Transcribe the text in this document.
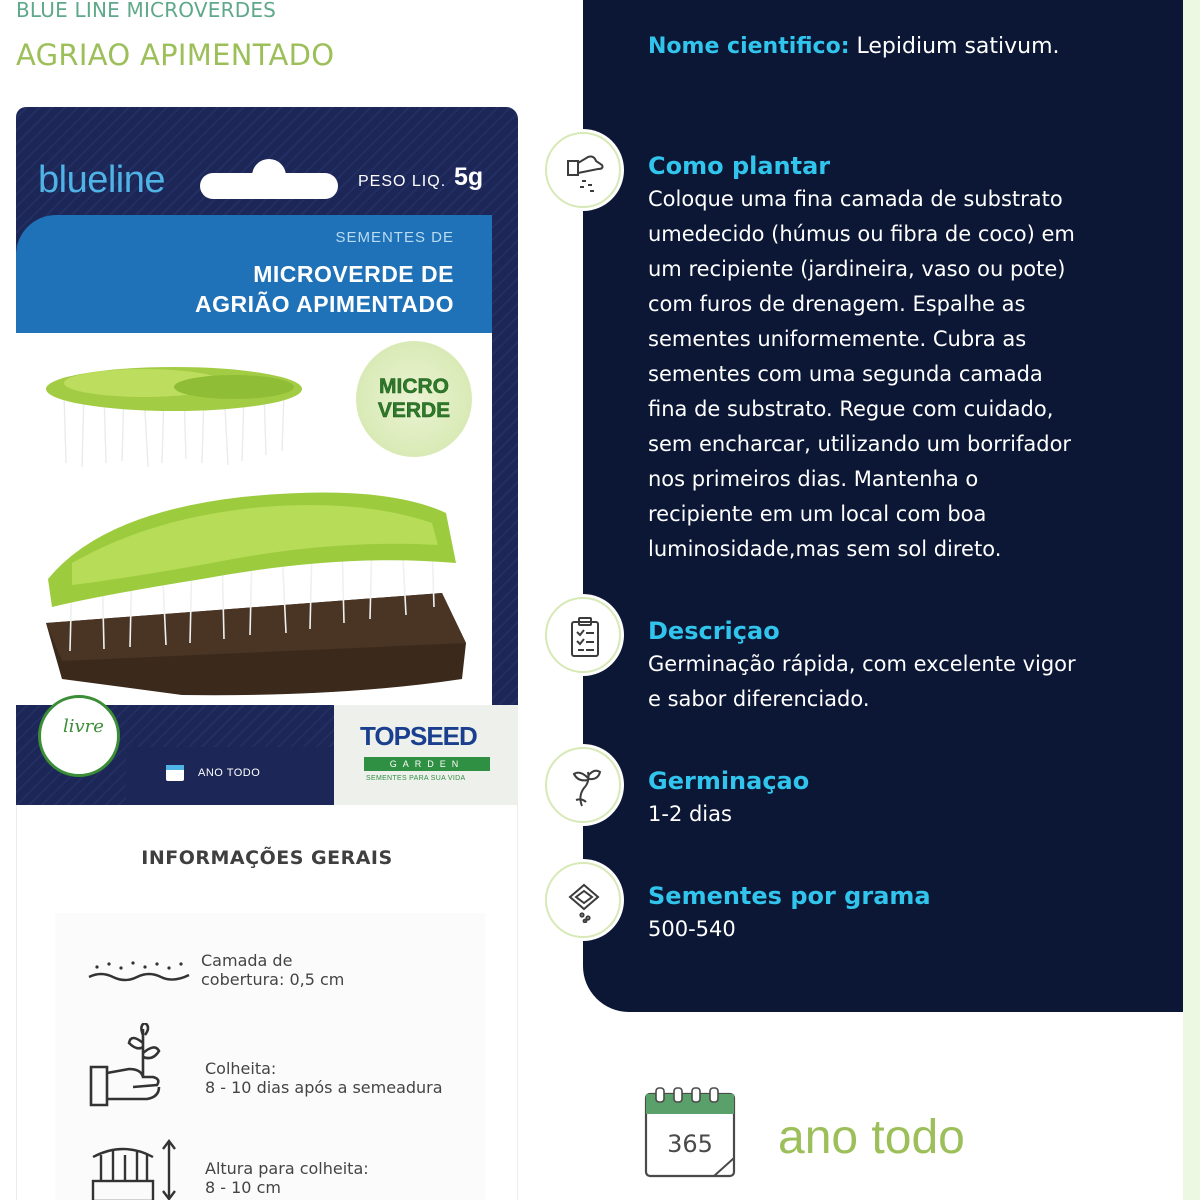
BLUE LINE MICROVERDES
AGRIAO APIMENTADO
blueline	PESO LIQ. 5g
SEMENTES DE
MICROVERDE DE
AGRIÃO APIMENTADO
MICRO
VERDE
livre
ANO TODO
TOPSEED
GARDEN
SEMENTES PARA SUA VIDA
INFORMAÇÕES GERAIS
Camada de
cobertura: 0,5 cm
Colheita:
8 - 10 dias após a semeadura
Altura para colheita:
8 - 10 cm
Nome cientifico: Lepidium sativum.
Como plantar
Coloque uma fina camada de substrato
umedecido (húmus ou fibra de coco) em
um recipiente (jardineira, vaso ou pote)
com furos de drenagem. Espalhe as
sementes uniformemente. Cubra as
sementes com uma segunda camada
fina de substrato. Regue com cuidado,
sem encharcar, utilizando um borrifador
nos primeiros dias. Mantenha o
recipiente em um local com boa
luminosidade,mas sem sol direto.
Descriçao
Germinação rápida, com excelente vigor
e sabor diferenciado.
Germinaçao
1-2 dias
Sementes por grama
500-540
365 ano todo
